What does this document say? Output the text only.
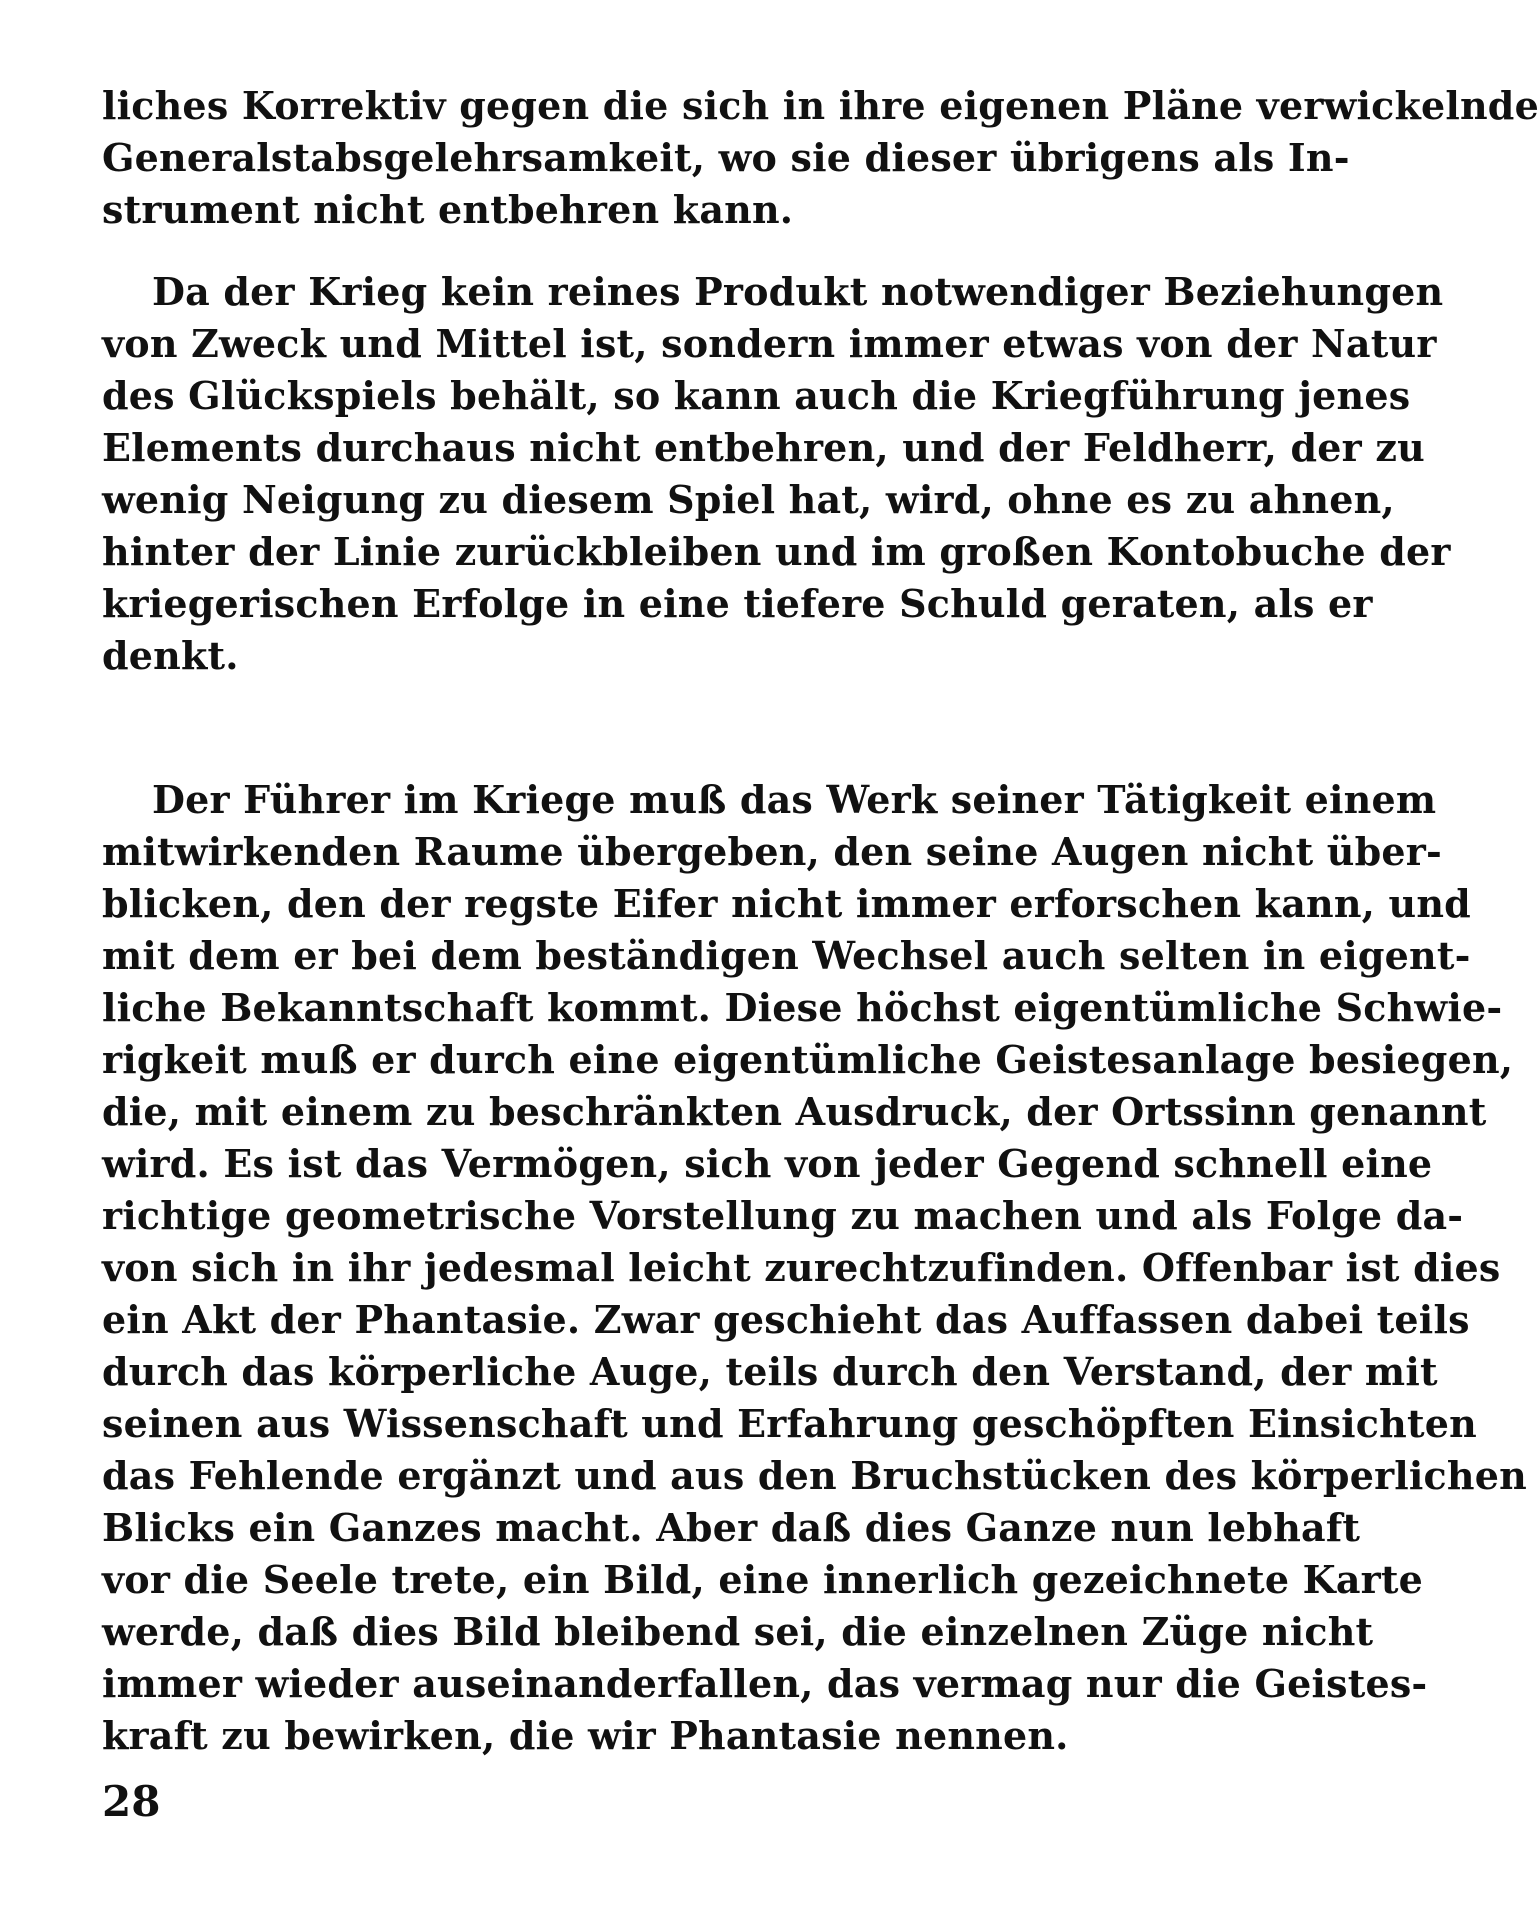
liches Korrektiv gegen die sich in ihre eigenen Pläne verwickelnde
Generalstabsgelehrsamkeit, wo sie dieser übrigens als In-
strument nicht entbehren kann.
Da der Krieg kein reines Produkt notwendiger Beziehungen
von Zweck und Mittel ist, sondern immer etwas von der Natur
des Glückspiels behält, so kann auch die Kriegführung jenes
Elements durchaus nicht entbehren, und der Feldherr, der zu
wenig Neigung zu diesem Spiel hat, wird, ohne es zu ahnen,
hinter der Linie zurückbleiben und im großen Kontobuche der
kriegerischen Erfolge in eine tiefere Schuld geraten, als er
denkt.
Der Führer im Kriege muß das Werk seiner Tätigkeit einem
mitwirkenden Raume übergeben, den seine Augen nicht über-
blicken, den der regste Eifer nicht immer erforschen kann, und
mit dem er bei dem beständigen Wechsel auch selten in eigent-
liche Bekanntschaft kommt. Diese höchst eigentümliche Schwie-
rigkeit muß er durch eine eigentümliche Geistesanlage besiegen,
die, mit einem zu beschränkten Ausdruck, der Ortssinn genannt
wird. Es ist das Vermögen, sich von jeder Gegend schnell eine
richtige geometrische Vorstellung zu machen und als Folge da-
von sich in ihr jedesmal leicht zurechtzufinden. Offenbar ist dies
ein Akt der Phantasie. Zwar geschieht das Auffassen dabei teils
durch das körperliche Auge, teils durch den Verstand, der mit
seinen aus Wissenschaft und Erfahrung geschöpften Einsichten
das Fehlende ergänzt und aus den Bruchstücken des körperlichen
Blicks ein Ganzes macht. Aber daß dies Ganze nun lebhaft
vor die Seele trete, ein Bild, eine innerlich gezeichnete Karte
werde, daß dies Bild bleibend sei, die einzelnen Züge nicht
immer wieder auseinanderfallen, das vermag nur die Geistes-
kraft zu bewirken, die wir Phantasie nennen.
28
